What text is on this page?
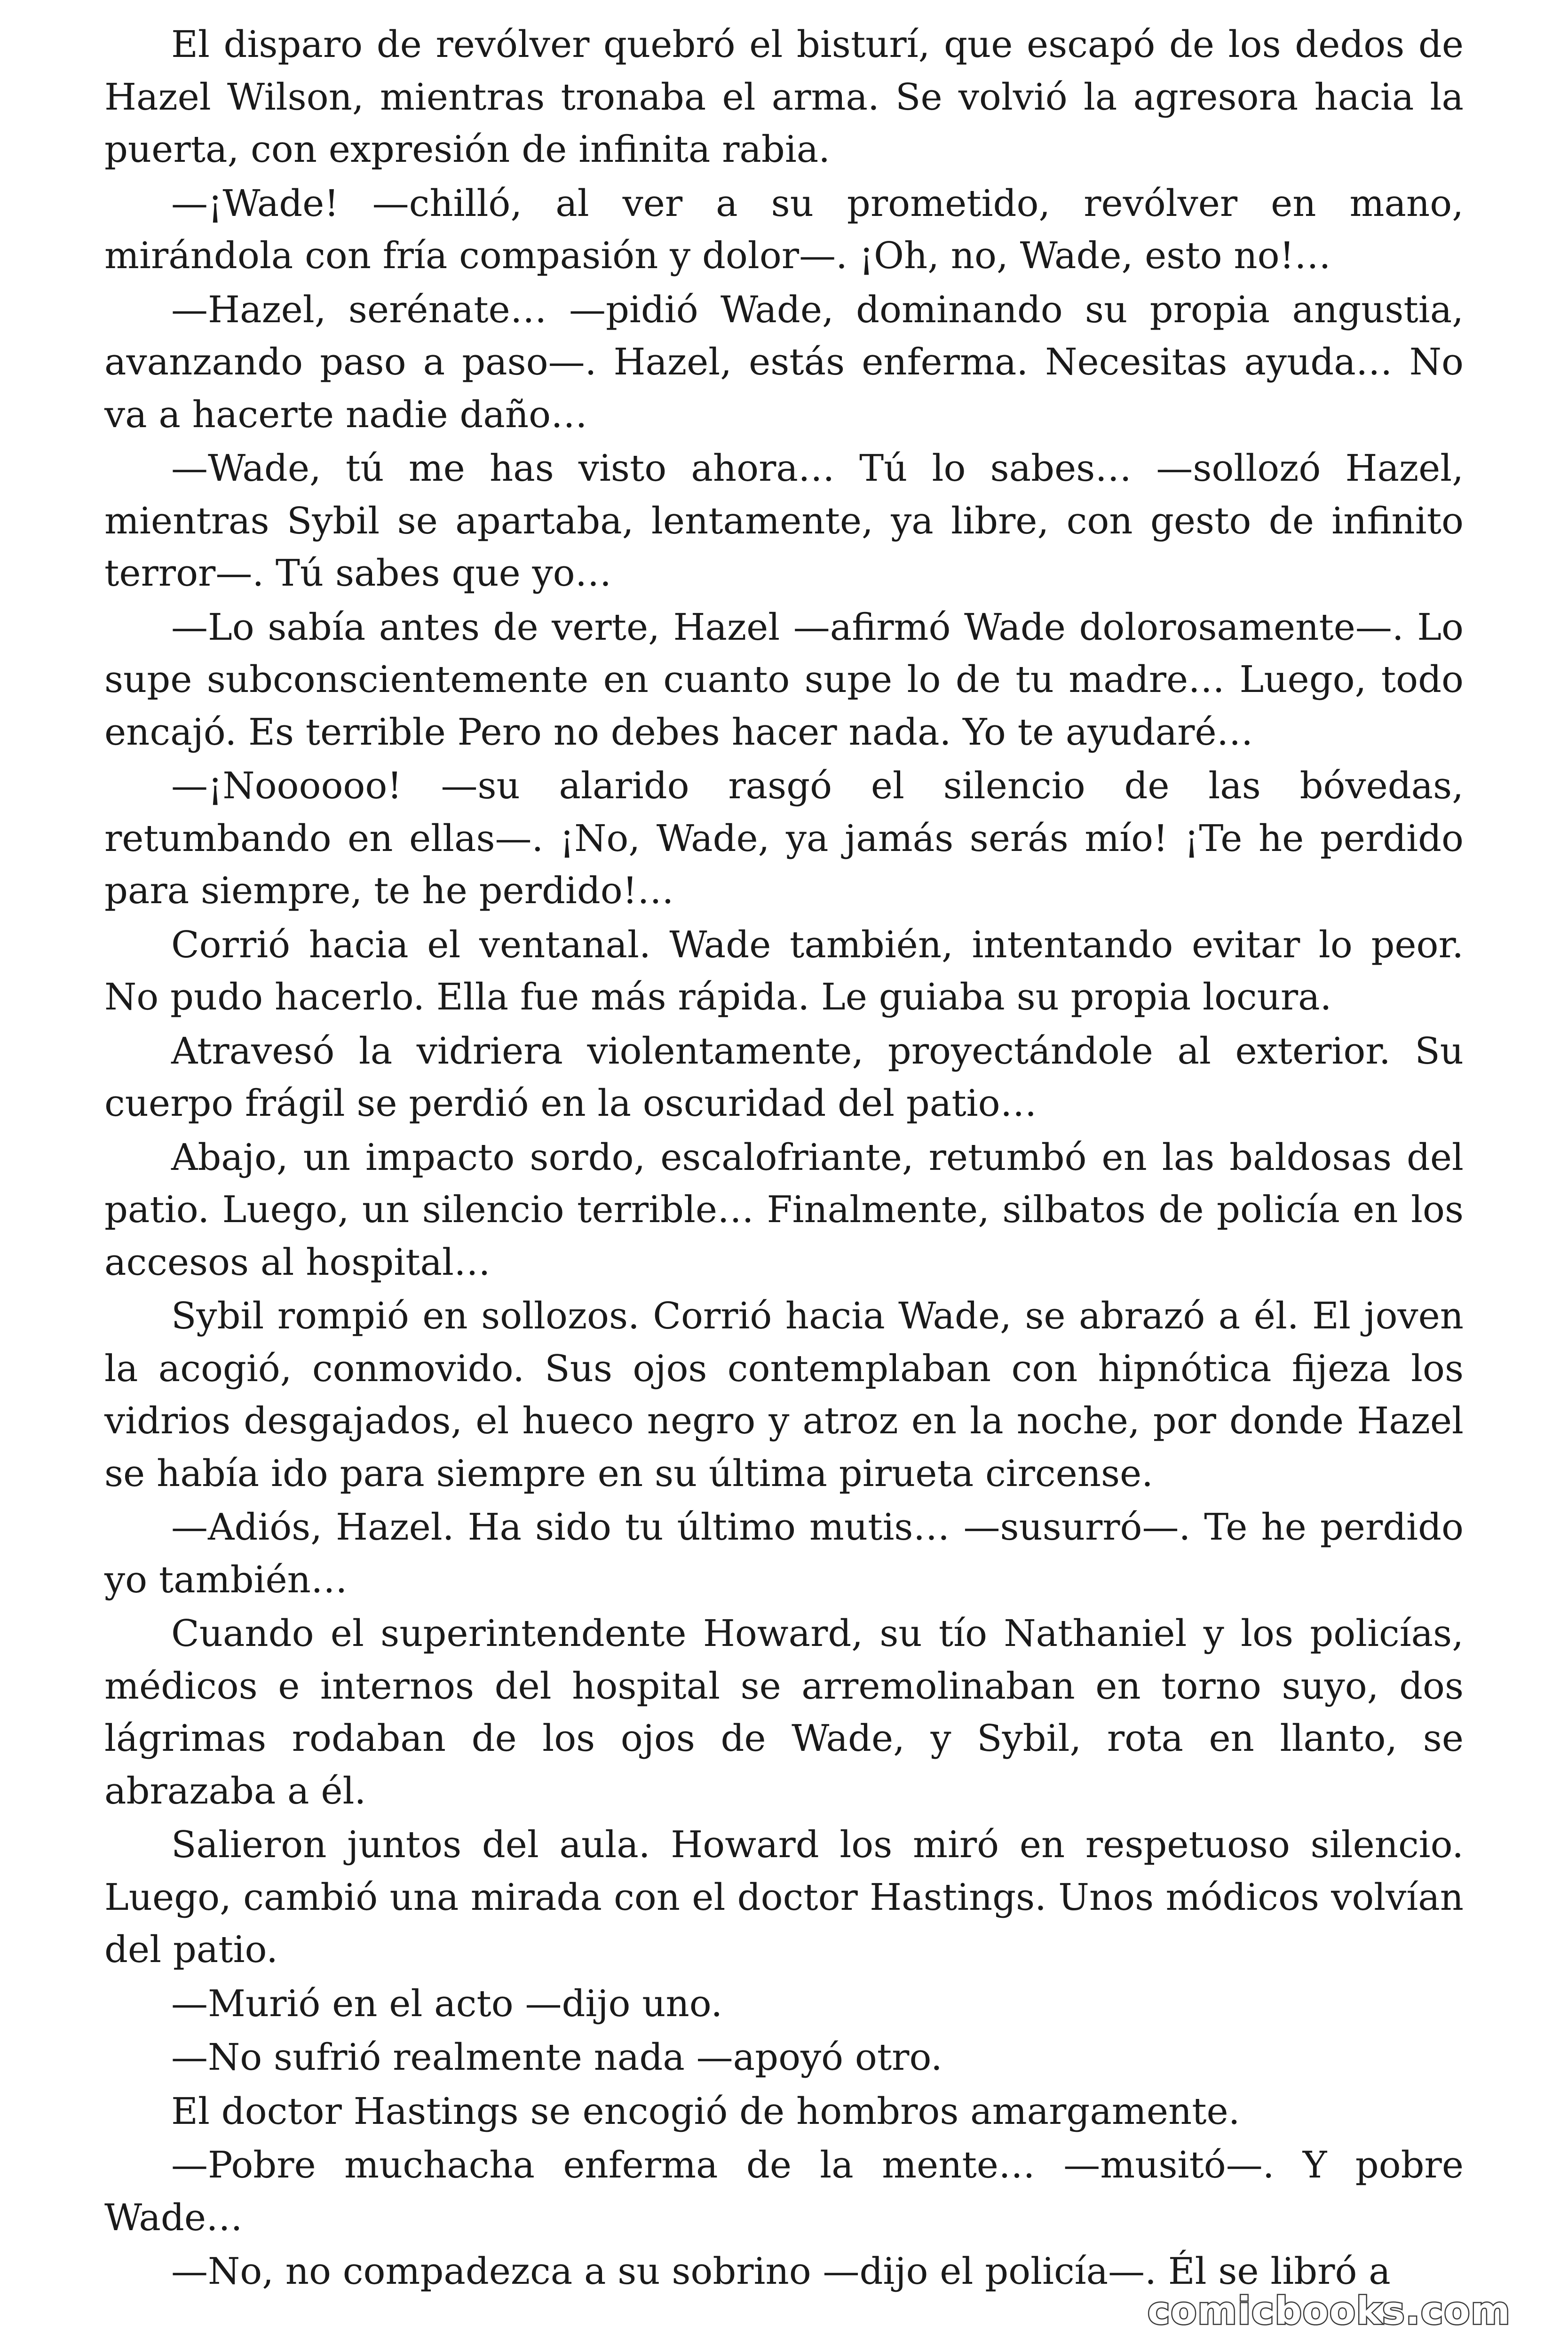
El disparo de revólver quebró el bisturí, que escapó de los dedos de Hazel Wilson, mientras tronaba el arma. Se volvió la agresora hacia la puerta, con expresión de infinita rabia.

—¡Wade! —chilló, al ver a su prometido, revólver en mano, mirándola con fría compasión y dolor—. ¡Oh, no, Wade, esto no!…

—Hazel, serénate… —pidió Wade, dominando su propia angustia, avanzando paso a paso—. Hazel, estás enferma. Necesitas ayuda… No va a hacerte nadie daño…

—Wade, tú me has visto ahora… Tú lo sabes… —sollozó Hazel, mientras Sybil se apartaba, lentamente, ya libre, con gesto de infinito terror—. Tú sabes que yo…

—Lo sabía antes de verte, Hazel —afirmó Wade dolorosamente—. Lo supe subconscientemente en cuanto supe lo de tu madre… Luego, todo encajó. Es terrible Pero no debes hacer nada. Yo te ayudaré…

—¡Noooooo! —su alarido rasgó el silencio de las bóvedas, retumbando en ellas—. ¡No, Wade, ya jamás serás mío! ¡Te he perdido para siempre, te he perdido!…

Corrió hacia el ventanal. Wade también, intentando evitar lo peor. No pudo hacerlo. Ella fue más rápida. Le guiaba su propia locura.

Atravesó la vidriera violentamente, proyectándole al exterior. Su cuerpo frágil se perdió en la oscuridad del patio…

Abajo, un impacto sordo, escalofriante, retumbó en las baldosas del patio. Luego, un silencio terrible… Finalmente, silbatos de policía en los accesos al hospital…

Sybil rompió en sollozos. Corrió hacia Wade, se abrazó a él. El joven la acogió, conmovido. Sus ojos contemplaban con hipnótica fijeza los vidrios desgajados, el hueco negro y atroz en la noche, por donde Hazel se había ido para siempre en su última pirueta circense.

—Adiós, Hazel. Ha sido tu último mutis… —susurró—. Te he perdido yo también…

Cuando el superintendente Howard, su tío Nathaniel y los policías, médicos e internos del hospital se arremolinaban en torno suyo, dos lágrimas rodaban de los ojos de Wade, y Sybil, rota en llanto, se abrazaba a él.

Salieron juntos del aula. Howard los miró en respetuoso silencio. Luego, cambió una mirada con el doctor Hastings. Unos módicos volvían del patio.

—Murió en el acto —dijo uno.

—No sufrió realmente nada —apoyó otro.

El doctor Hastings se encogió de hombros amargamente.

—Pobre muchacha enferma de la mente… —musitó—. Y pobre Wade…

—No, no compadezca a su sobrino —dijo el policía—. Él se libró a

comicbooks.com
